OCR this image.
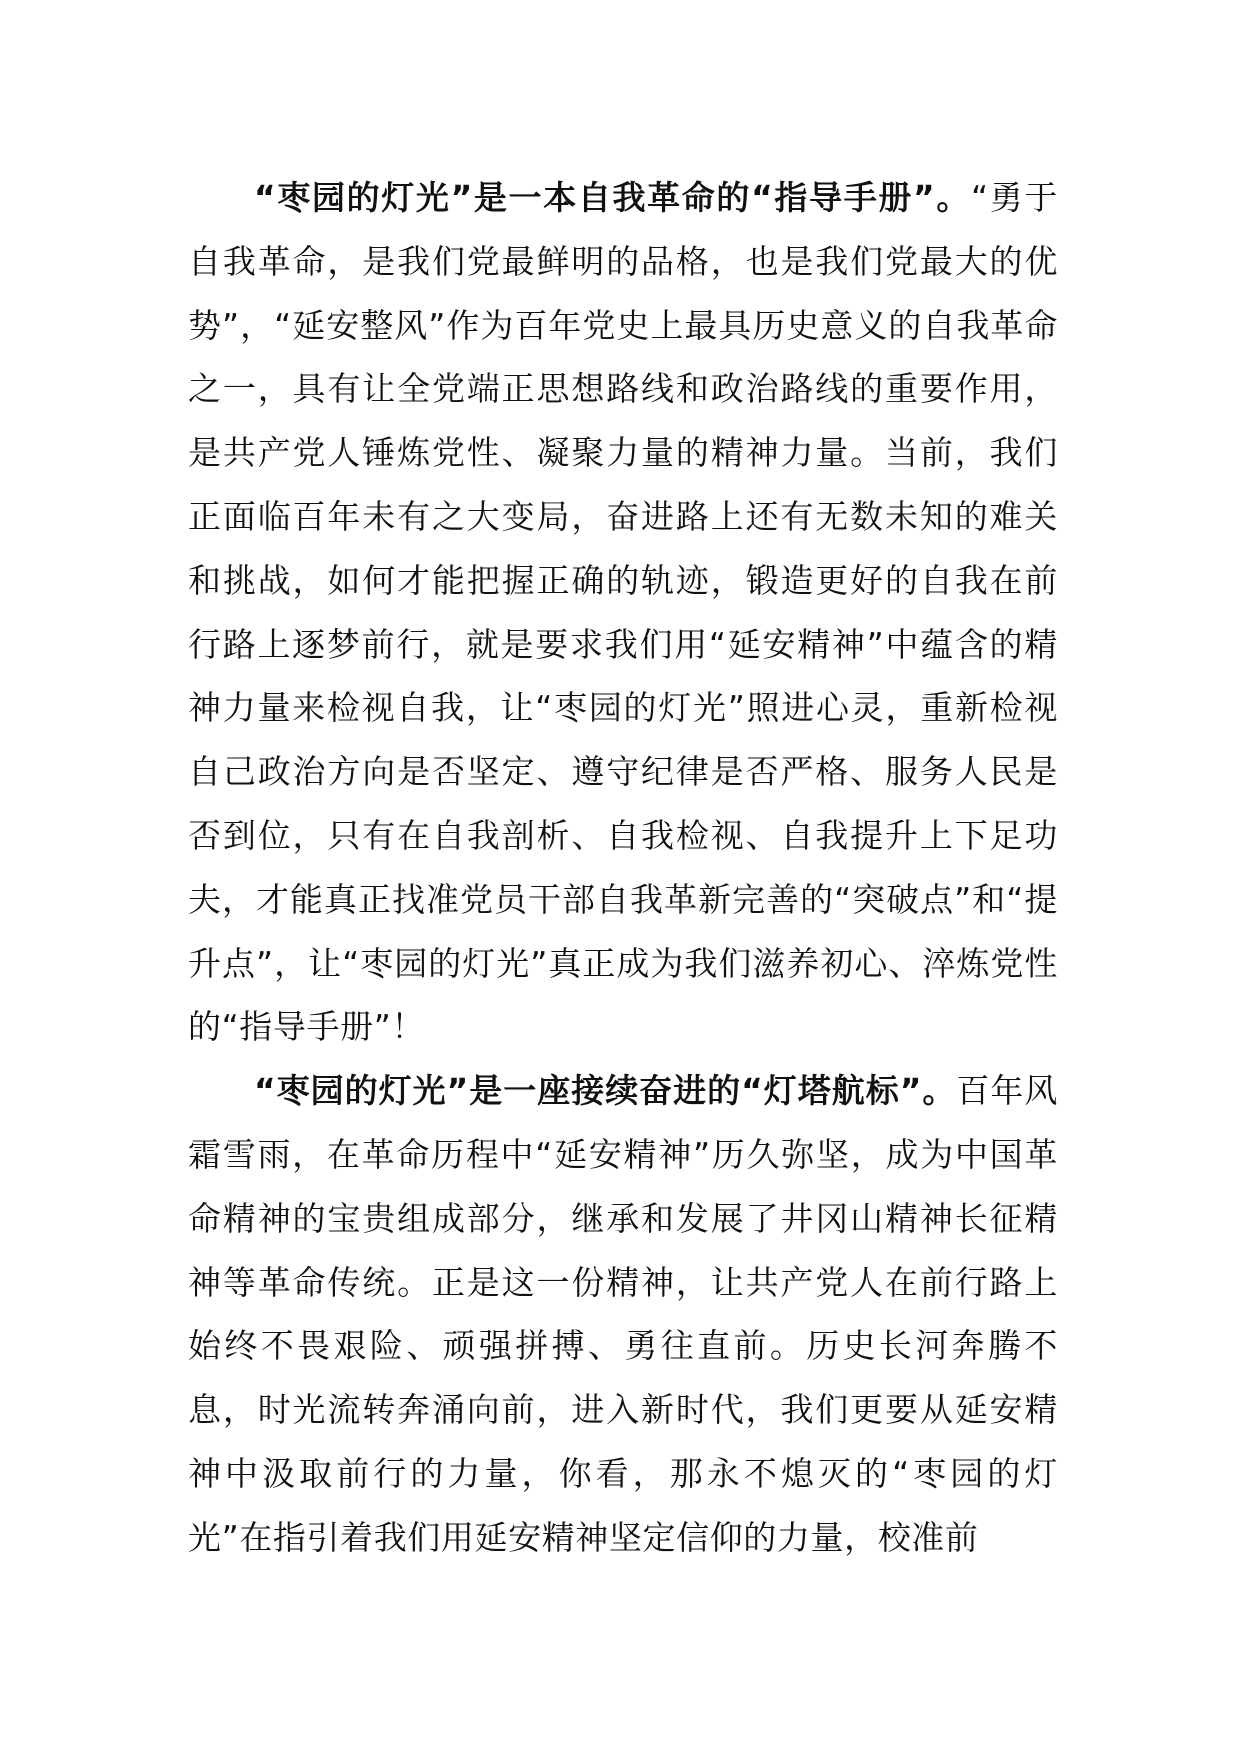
“枣园的灯光”是一本自我革命的“指导手册”。“勇于自我革命，是我们党最鲜明的品格，也是我们党最大的优势”，“延安整风”作为百年党史上最具历史意义的自我革命之一，具有让全党端正思想路线和政治路线的重要作用，是共产党人锤炼党性、凝聚力量的精神力量。当前，我们正面临百年未有之大变局，奋进路上还有无数未知的难关和挑战，如何才能把握正确的轨迹，锻造更好的自我在前行路上逐梦前行，就是要求我们用“延安精神”中蕴含的精神力量来检视自我，让“枣园的灯光”照进心灵，重新检视自己政治方向是否坚定、遵守纪律是否严格、服务人民是否到位，只有在自我剖析、自我检视、自我提升上下足功夫，才能真正找准党员干部自我革新完善的“突破点”和“提升点”，让“枣园的灯光”真正成为我们滋养初心、淬炼党性的“指导手册”！

“枣园的灯光”是一座接续奋进的“灯塔航标”。百年风霜雪雨，在革命历程中“延安精神”历久弥坚，成为中国革命精神的宝贵组成部分，继承和发展了井冈山精神长征精神等革命传统。正是这一份精神，让共产党人在前行路上始终不畏艰险、顽强拼搏、勇往直前。历史长河奔腾不息，时光流转奔涌向前，进入新时代，我们更要从延安精神中汲取前行的力量，你看，那永不熄灭的“枣园的灯光”在指引着我们用延安精神坚定信仰的力量，校准前
